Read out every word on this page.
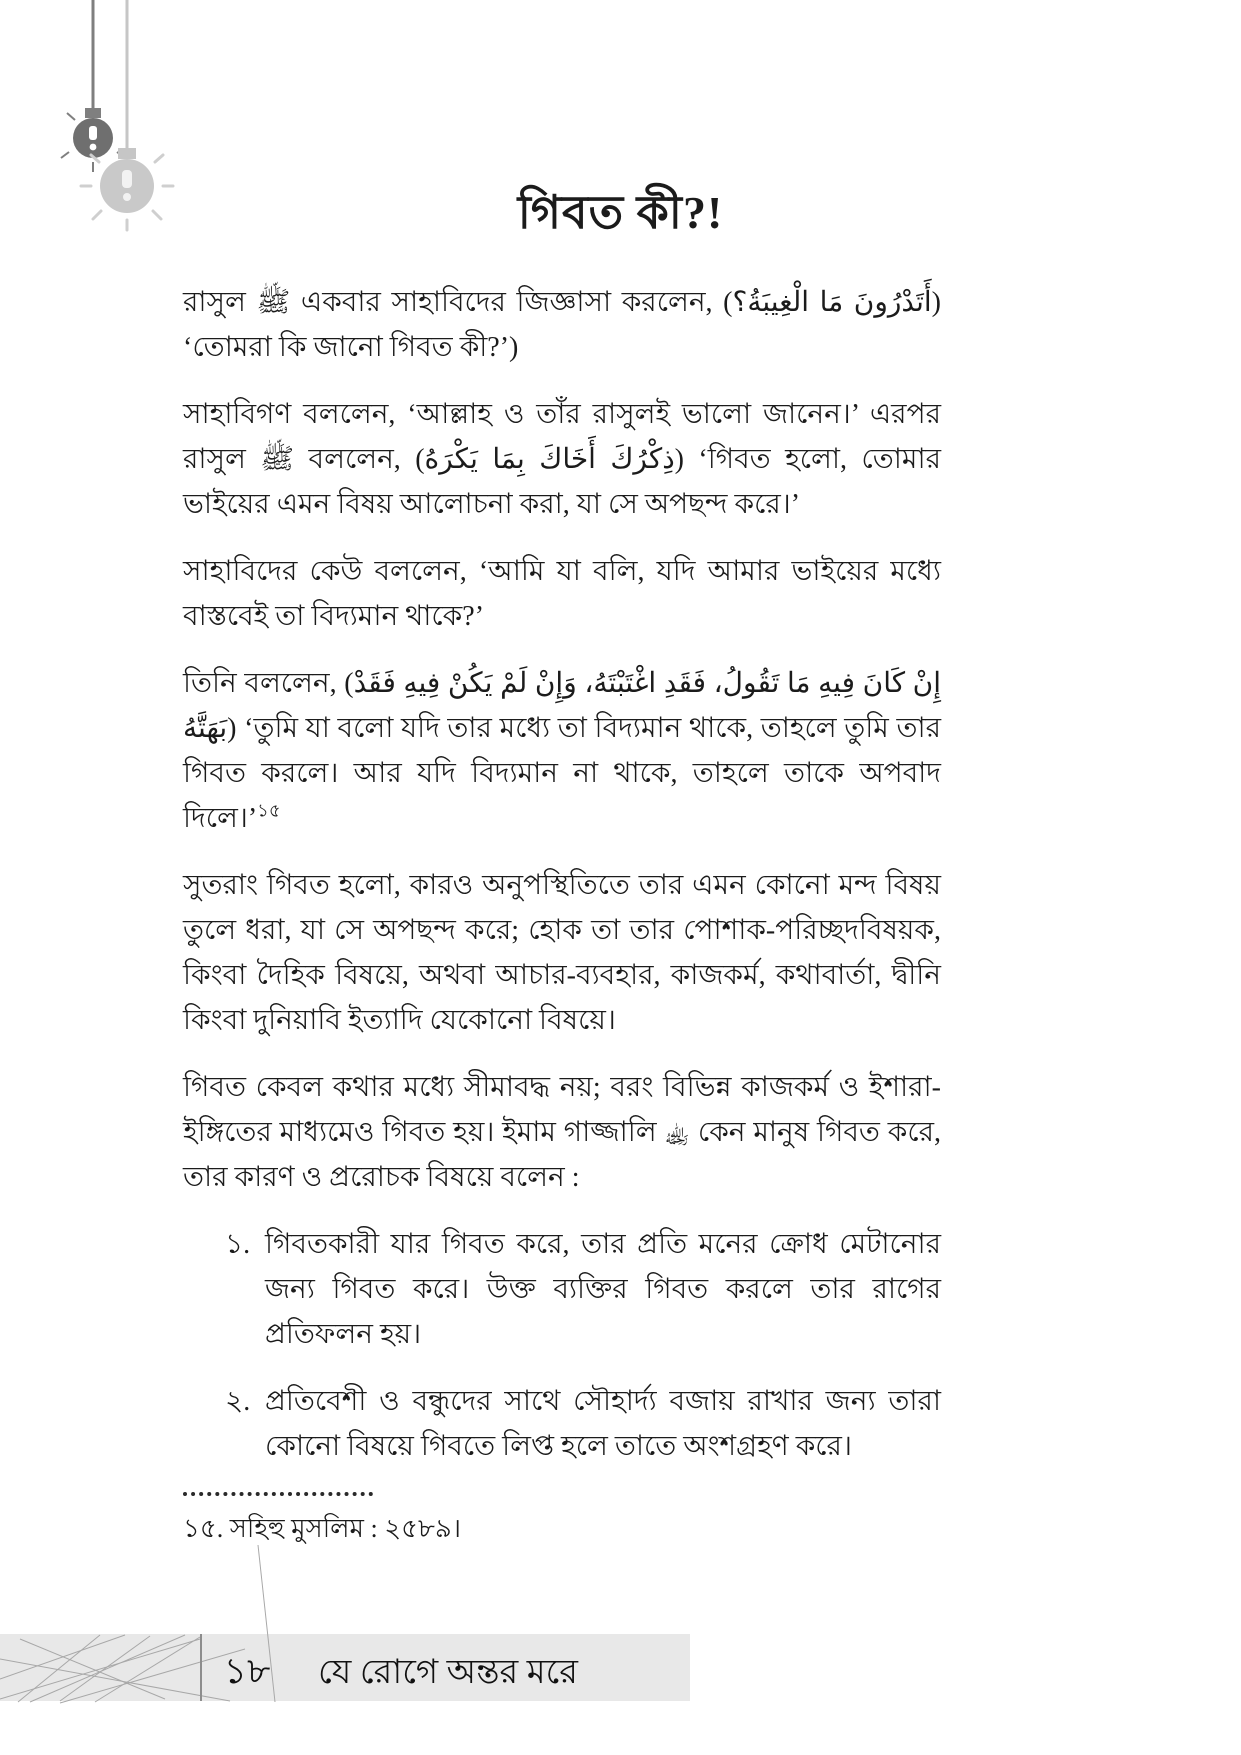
গিবত কী?!

রাসুল ﷺ একবার সাহাবিদের জিজ্ঞাসা করলেন, (أَتَدْرُونَ مَا الْغِيبَةُ؟) ‘তোমরা কি জানো গিবত কী?’)

সাহাবিগণ বললেন, ‘আল্লাহ ও তাঁর রাসুলই ভালো জানেন।’ এরপর রাসুল ﷺ বললেন, (ذِكْرُكَ أَخَاكَ بِمَا يَكْرَهُ) ‘গিবত হলো, তোমার ভাইয়ের এমন বিষয় আলোচনা করা, যা সে অপছন্দ করে।’

সাহাবিদের কেউ বললেন, ‘আমি যা বলি, যদি আমার ভাইয়ের মধ্যে বাস্তবেই তা বিদ্যমান থাকে?’

তিনি বললেন, (إِنْ كَانَ فِيهِ مَا تَقُولُ، فَقَدِ اغْتَبْتَهُ، وَإِنْ لَمْ يَكُنْ فِيهِ فَقَدْ بَهَتَّهُ) ‘তুমি যা বলো যদি তার মধ্যে তা বিদ্যমান থাকে, তাহলে তুমি তার গিবত করলে। আর যদি বিদ্যমান না থাকে, তাহলে তাকে অপবাদ দিলে।’$^{১৫}$

সুতরাং গিবত হলো, কারও অনুপস্থিতিতে তার এমন কোনো মন্দ বিষয় তুলে ধরা, যা সে অপছন্দ করে; হোক তা তার পোশাক-পরিচ্ছদবিষয়ক, কিংবা দৈহিক বিষয়ে, অথবা আচার-ব্যবহার, কাজকর্ম, কথাবার্তা, দ্বীনি কিংবা দুনিয়াবি ইত্যাদি যেকোনো বিষয়ে।

গিবত কেবল কথার মধ্যে সীমাবদ্ধ নয়; বরং বিভিন্ন কাজকর্ম ও ইশারা-ইঙ্গিতের মাধ্যমেও গিবত হয়। ইমাম গাজ্জালি ﵀ কেন মানুষ গিবত করে, তার কারণ ও প্ররোচক বিষয়ে বলেন :

১. গিবতকারী যার গিবত করে, তার প্রতি মনের ক্রোধ মেটানোর জন্য গিবত করে। উক্ত ব্যক্তির গিবত করলে তার রাগের প্রতিফলন হয়।
২. প্রতিবেশী ও বন্ধুদের সাথে সৌহার্দ্য বজায় রাখার জন্য তারা কোনো বিষয়ে গিবতে লিপ্ত হলে তাতে অংশগ্রহণ করে।
১৫. সহিহু মুসলিম : ২৫৮৯।
১৮	যে রোগে অন্তর মরে
